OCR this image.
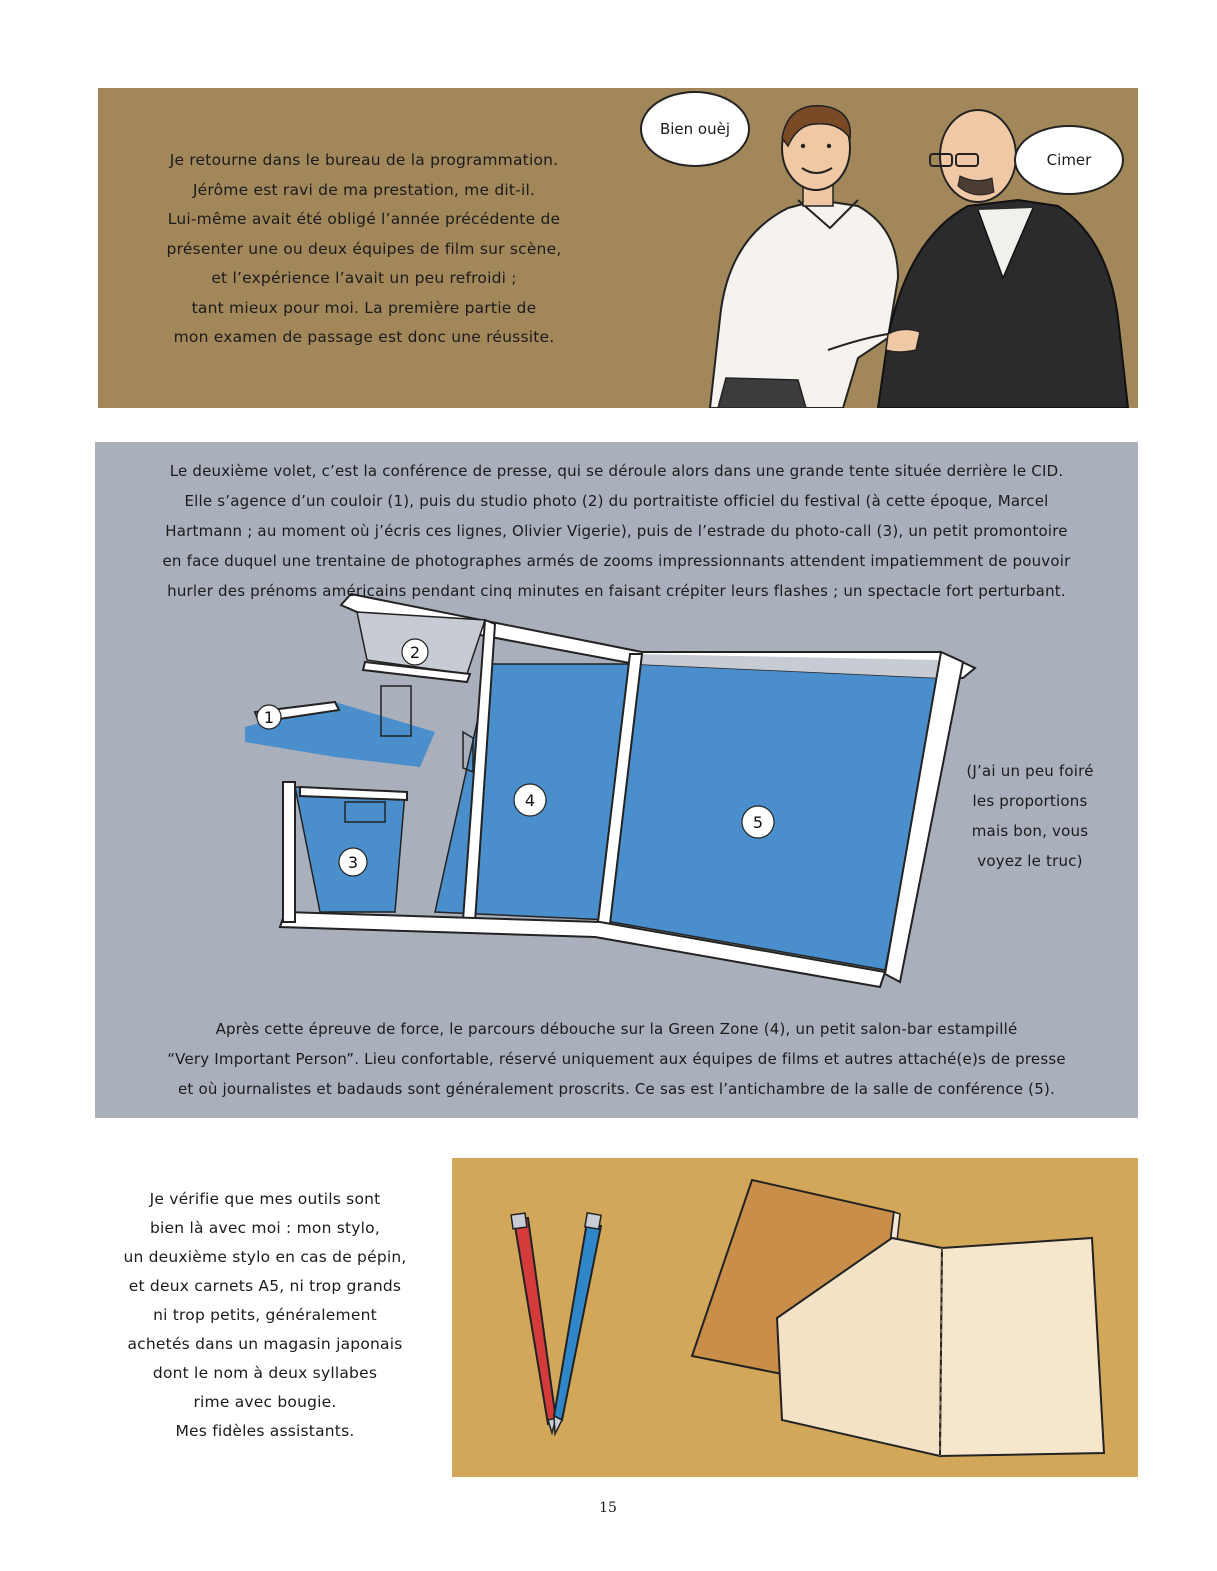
Je retourne dans le bureau de la programmation.
Jérôme est ravi de ma prestation, me dit-il.
Lui-même avait été obligé l’année précédente de
présenter une ou deux équipes de film sur scène,
et l’expérience l’avait un peu refroidi ;
tant mieux pour moi. La première partie de
mon examen de passage est donc une réussite.
Bien ouèj
Cimer
1
2
3
4
5
Le deuxième volet, c’est la conférence de presse, qui se déroule alors dans une grande tente située derrière le CID.
Elle s’agence d’un couloir (1), puis du studio photo (2) du portraitiste officiel du festival (à cette époque, Marcel
Hartmann ; au moment où j’écris ces lignes, Olivier Vigerie), puis de l’estrade du photo-call (3), un petit promontoire
en face duquel une trentaine de photographes armés de zooms impressionnants attendent impatiemment de pouvoir
hurler des prénoms américains pendant cinq minutes en faisant crépiter leurs flashes ; un spectacle fort perturbant.
(J’ai un peu foiré
les proportions
mais bon, vous
voyez le truc)
Après cette épreuve de force, le parcours débouche sur la Green Zone (4), un petit salon-bar estampillé
“Very Important Person”. Lieu confortable, réservé uniquement aux équipes de films et autres attaché(e)s de presse
et où journalistes et badauds sont généralement proscrits. Ce sas est l’antichambre de la salle de conférence (5).
Je vérifie que mes outils sont
bien là avec moi : mon stylo,
un deuxième stylo en cas de pépin,
et deux carnets A5, ni trop grands
ni trop petits, généralement
achetés dans un magasin japonais
dont le nom à deux syllabes
rime avec bougie.
Mes fidèles assistants.
15
